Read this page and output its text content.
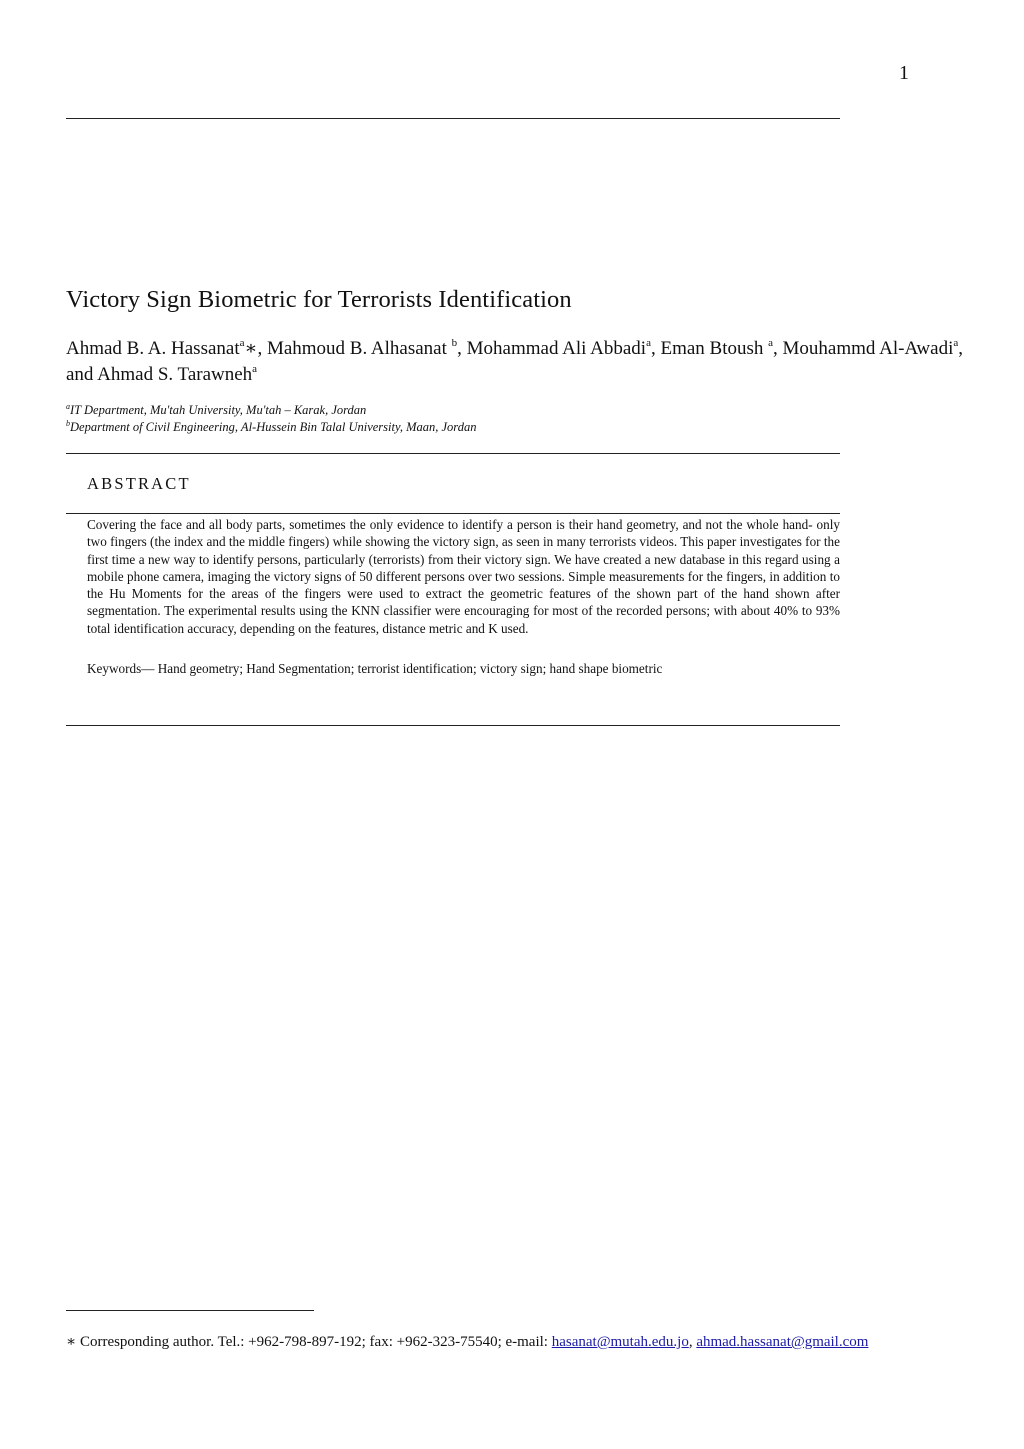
1
Victory Sign Biometric for Terrorists Identification
Ahmad B. A. Hassanat$^a$∗, Mahmoud B. Alhasanat $^b$, Mohammad Ali Abbadi$^a$, Eman Btoush $^a$, Mouhammd Al-Awadi$^a$, and Ahmad S. Tarawneh$^a$
$^a$IT Department, Mu'tah University, Mu'tah – Karak, Jordan
$^b$Department of Civil Engineering, Al-Hussein Bin Talal University, Maan, Jordan
ABSTRACT

Covering the face and all body parts, sometimes the only evidence to identify a person is their hand geometry, and not the whole hand- only two fingers (the index and the middle fingers) while showing the victory sign, as seen in many terrorists videos. This paper investigates for the first time a new way to identify persons, particularly (terrorists) from their victory sign. We have created a new database in this regard using a mobile phone camera, imaging the victory signs of 50 different persons over two sessions. Simple measurements for the fingers, in addition to the Hu Moments for the areas of the fingers were used to extract the geometric features of the shown part of the hand shown after segmentation. The experimental results using the KNN classifier were encouraging for most of the recorded persons; with about 40% to 93% total identification accuracy, depending on the features, distance metric and K used.

Keywords— Hand geometry; Hand Segmentation; terrorist identification; victory sign; hand shape biometric
∗ Corresponding author. Tel.: +962-798-897-192; fax: +962-323-75540; e-mail: hasanat@mutah.edu.jo, ahmad.hassanat@gmail.com
